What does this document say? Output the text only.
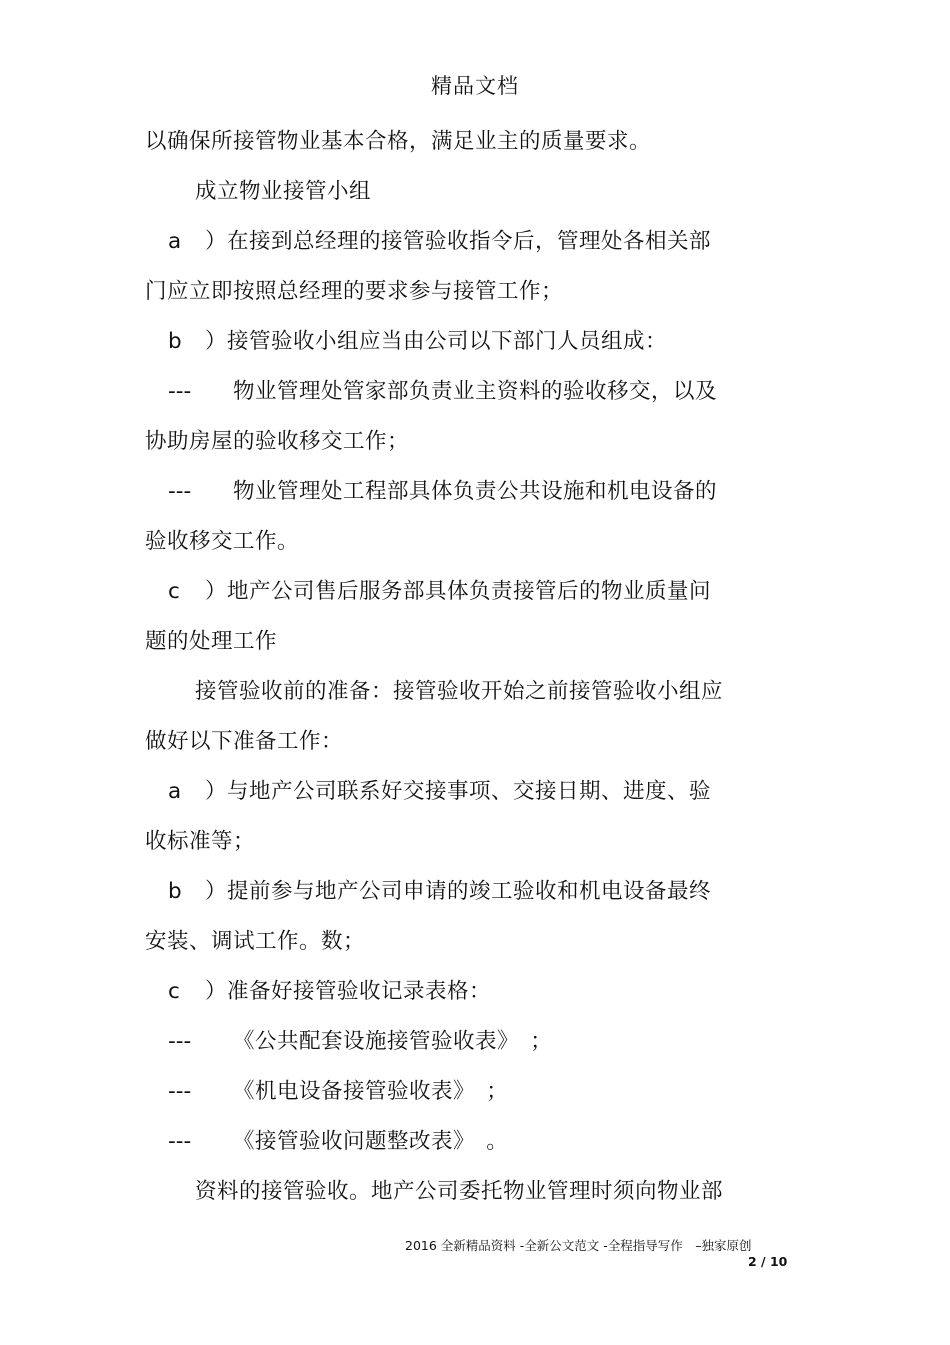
精品文档
以确保所接管物业基本合格，满足业主的质量要求。
成立物业接管小组
a ）在接到总经理的接管验收指令后，管理处各相关部
门应立即按照总经理的要求参与接管工作；
b ）接管验收小组应当由公司以下部门人员组成：
--- 物业管理处管家部负责业主资料的验收移交，以及
协助房屋的验收移交工作；
--- 物业管理处工程部具体负责公共设施和机电设备的
验收移交工作。
c ）地产公司售后服务部具体负责接管后的物业质量问
题的处理工作
接管验收前的准备：接管验收开始之前接管验收小组应
做好以下准备工作：
a ）与地产公司联系好交接事项、交接日期、进度、验
收标准等；
b ）提前参与地产公司申请的竣工验收和机电设备最终
安装、调试工作。数；
c ）准备好接管验收记录表格：
--- 《公共配套设施接管验收表》　；
--- 《机电设备接管验收表》　；
--- 《接管验收问题整改表》　。
资料的接管验收。地产公司委托物业管理时须向物业部
2016 全新精品资料 -全新公文范文 -全程指导写作　–独家原创
2 / 10
